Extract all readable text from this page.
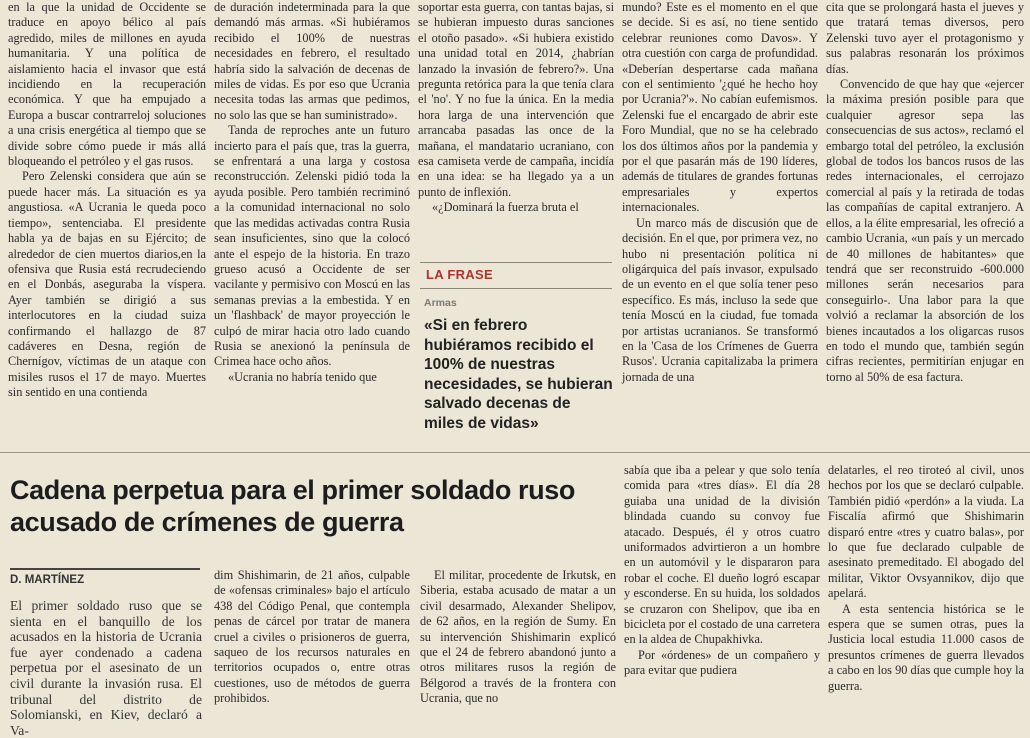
en la que la unidad de Occidente se traduce en apoyo bélico al país agredido, miles de millones en ayuda humanitaria. Y una política de aislamiento hacia el invasor que está incidiendo en la recuperación económica. Y que ha empujado a Europa a buscar contrarreloj soluciones a una crisis energética al tiempo que se divide sobre cómo puede ir más allá bloqueando el petróleo y el gas rusos.

Pero Zelenski considera que aún se puede hacer más. La situación es ya angustiosa. «A Ucrania le queda poco tiempo», sentenciaba. El presidente habla ya de bajas en su Ejército; de alrededor de cien muertos diarios,en la ofensiva que Rusia está recrudeciendo en el Donbás, aseguraba la víspera. Ayer también se dirigió a sus interlocutores en la ciudad suiza confirmando el hallazgo de 87 cadáveres en Desna, región de Chernígov, víctimas de un ataque con misiles rusos el 17 de mayo. Muertes sin sentido en una contienda

de duración indeterminada para la que demandó más armas. «Si hubiéramos recibido el 100% de nuestras necesidades en febrero, el resultado habría sido la salvación de decenas de miles de vidas. Es por eso que Ucrania necesita todas las armas que pedimos, no solo las que se han suministrado».

Tanda de reproches ante un futuro incierto para el país que, tras la guerra, se enfrentará a una larga y costosa reconstrucción. Zelenski pidió toda la ayuda posible. Pero también recriminó a la comunidad internacional no solo que las medidas activadas contra Rusia sean insuficientes, sino que la colocó ante el espejo de la historia. En trazo grueso acusó a Occidente de ser vacilante y permisivo con Moscú en las semanas previas a la embestida. Y en un 'flashback' de mayor proyección le culpó de mirar hacia otro lado cuando Rusia se anexionó la península de Crimea hace ocho años.

«Ucrania no habría tenido que

soportar esta guerra, con tantas bajas, si se hubieran impuesto duras sanciones el otoño pasado». «Si hubiera existido una unidad total en 2014, ¿habrían lanzado la invasión de febrero?». Una pregunta retórica para la que tenía clara el 'no'. Y no fue la única. En la media hora larga de una intervención que arrancaba pasadas las once de la mañana, el mandatario ucraniano, con esa camiseta verde de campaña, incidía en una idea: se ha llegado ya a un punto de inflexión.

«¿Dominará la fuerza bruta el

LA FRASE
Armas
«Si en febrero hubiéramos recibido el 100% de nuestras necesidades, se hubieran salvado decenas de miles de vidas»

mundo? Este es el momento en el que se decide. Si es así, no tiene sentido celebrar reuniones como Davos». Y otra cuestión con carga de profundidad. «Deberían despertarse cada mañana con el sentimiento '¿qué he hecho hoy por Ucrania?'». No cabían eufemismos. Zelenski fue el encargado de abrir este Foro Mundial, que no se ha celebrado los dos últimos años por la pandemia y por el que pasarán más de 190 líderes, además de titulares de grandes fortunas empresariales y expertos internacionales.

Un marco más de discusión que de decisión. En el que, por primera vez, no hubo ni presentación política ni oligárquica del país invasor, expulsado de un evento en el que solía tener peso específico. Es más, incluso la sede que tenía Moscú en la ciudad, fue tomada por artistas ucranianos. Se transformó en la 'Casa de los Crímenes de Guerra Rusos'. Ucrania capitalizaba la primera jornada de una

cita que se prolongará hasta el jueves y que tratará temas diversos, pero Zelenski tuvo ayer el protagonismo y sus palabras resonarán los próximos días.

Convencido de que hay que «ejercer la máxima presión posible para que cualquier agresor sepa las consecuencias de sus actos», reclamó el embargo total del petróleo, la exclusión global de todos los bancos rusos de las redes internacionales, el cerrojazo comercial al país y la retirada de todas las compañías de capital extranjero. A ellos, a la élite empresarial, les ofreció a cambio Ucrania, «un país y un mercado de 40 millones de habitantes» que tendrá que ser reconstruido -600.000 millones serán necesarios para conseguirlo-. Una labor para la que volvió a reclamar la absorción de los bienes incautados a los oligarcas rusos en todo el mundo que, también según cifras recientes, permitirían enjugar en torno al 50% de esa factura.

Cadena perpetua para el primer soldado ruso acusado de crímenes de guerra
D. MARTÍNEZ

El primer soldado ruso que se sienta en el banquillo de los acusados en la historia de Ucrania fue ayer condenado a cadena perpetua por el asesinato de un civil durante la invasión rusa. El tribunal del distrito de Solomianski, en Kiev, declaró a Va-

dim Shishimarin, de 21 años, culpable de «ofensas criminales» bajo el artículo 438 del Código Penal, que contempla penas de cárcel por tratar de manera cruel a civiles o prisioneros de guerra, saqueo de los recursos naturales en territorios ocupados o, entre otras cuestiones, uso de métodos de guerra prohibidos.

El militar, procedente de Irkutsk, en Siberia, estaba acusado de matar a un civil desarmado, Alexander Shelipov, de 62 años, en la región de Sumy. En su intervención Shishimarin explicó que el 24 de febrero abandonó junto a otros militares rusos la región de Bélgorod a través de la frontera con Ucrania, que no

sabía que iba a pelear y que solo tenía comida para «tres días». El día 28 guiaba una unidad de la división blindada cuando su convoy fue atacado. Después, él y otros cuatro uniformados advirtieron a un hombre en un automóvil y le dispararon para robar el coche. El dueño logró escapar y esconderse. En su huida, los soldados se cruzaron con Shelipov, que iba en bicicleta por el costado de una carretera en la aldea de Chupakhivka.

Por «órdenes» de un compañero y para evitar que pudiera

delatarles, el reo tiroteó al civil, unos hechos por los que se declaró culpable. También pidió «perdón» a la viuda. La Fiscalía afirmó que Shishimarin disparó entre «tres y cuatro balas», por lo que fue declarado culpable de asesinato premeditado. El abogado del militar, Viktor Ovsyannikov, dijo que apelará.

A esta sentencia histórica se le espera que se sumen otras, pues la Justicia local estudia 11.000 casos de presuntos crímenes de guerra llevados a cabo en los 90 días que cumple hoy la guerra.
